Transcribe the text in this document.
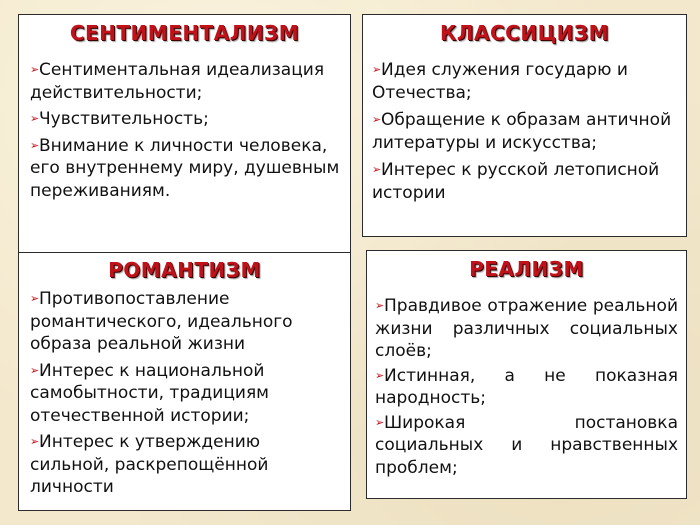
СЕНТИМЕНТАЛИЗМ
➢Сентиментальная идеализация действительности;
➢Чувствительность;
➢Внимание к личности человека, его внутреннему миру, душевным переживаниям.
КЛАССИЦИЗМ
➢Идея служения государю и Отечества;
➢Обращение к образам античной литературы и искусства;
➢Интерес к русской летописной истории
РОМАНТИЗМ
➢Противопоставление романтического, идеального образа реальной жизни
➢Интерес к национальной самобытности, традициям отечественной истории;
➢Интерес к утверждению сильной, раскрепощённой личности
РЕАЛИЗМ
➢Правдивое отражение реальной жизни различных социальных слоёв;
➢Истинная, а не показная народность;
➢Широкая постановка социальных и нравственных проблем;
